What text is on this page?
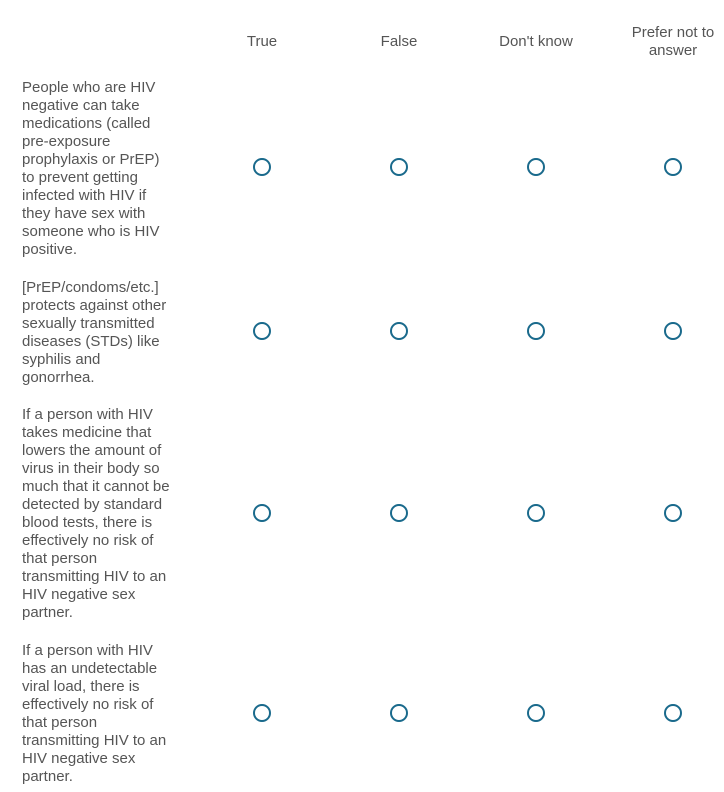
True	False	Don't know
Prefer not to answer
People who are HIV
negative can take
medications (called
pre-exposure
prophylaxis or PrEP)
to prevent getting
infected with HIV if
they have sex with
someone who is HIV
positive.
[PrEP/condoms/etc.]
protects against other
sexually transmitted
diseases (STDs) like
syphilis and
gonorrhea.
If a person with HIV
takes medicine that
lowers the amount of
virus in their body so
much that it cannot be
detected by standard
blood tests, there is
effectively no risk of
that person
transmitting HIV to an
HIV negative sex
partner.
If a person with HIV
has an undetectable
viral load, there is
effectively no risk of
that person
transmitting HIV to an
HIV negative sex
partner.
